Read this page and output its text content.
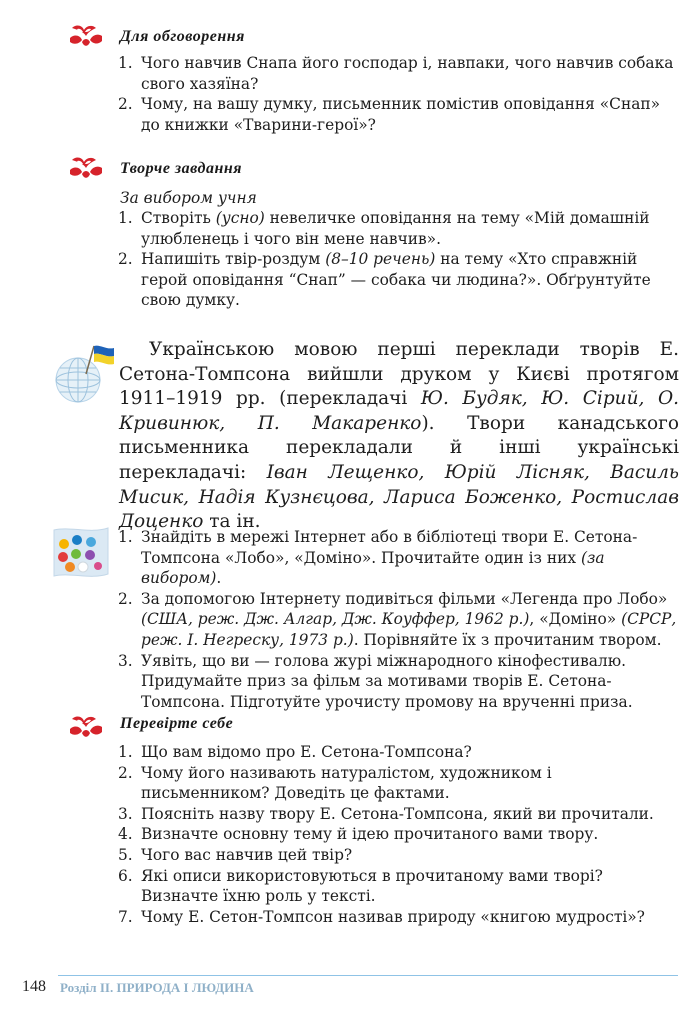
Для обговорення
1. Чого навчив Снапа його господар і, навпаки, чого навчив собака свого хазяїна?
2. Чому, на вашу думку, письменник помістив оповідання «Снап» до книжки «Тварини-герої»?
Творче завдання
За вибором учня
1. Створіть (усно) невеличке оповідання на тему «Мій домашній улюбленець і чого він мене навчив».
2. Напишіть твір-роздум (8–10 речень) на тему «Хто справжній герой оповідання “Снап” — собака чи людина?». Обґрунтуйте свою думку.
Українською мовою перші переклади творів Е. Сетона-Томпсона вийшли друком у Києві протягом 1911–1919 рр. (перекладачі Ю. Будяк, Ю. Сірий, О. Кривинюк, П. Макаренко). Твори канадського письменника перекладали й інші українські перекладачі: Іван Лещенко, Юрій Лісняк, Василь Мисик, Надія Кузнєцова, Лариса Боженко, Ростислав Доценко та ін.
1. Знайдіть в мережі Інтернет або в бібліотеці твори Е. Сетона-Томпсона «Лобо», «Доміно». Прочитайте один із них (за вибором).
2. За допомогою Інтернету подивіться фільми «Легенда про Лобо» (США, реж. Дж. Алгар, Дж. Коуффер, 1962 р.), «Доміно» (СРСР, реж. І. Негреску, 1973 р.). Порівняйте їх з прочитаним твором.
3. Уявіть, що ви — голова журі міжнародного кінофестивалю. Придумайте приз за фільм за мотивами творів Е. Сетона-Томпсона. Підготуйте урочисту промову на врученні приза.
Перевірте себе
1. Що вам відомо про Е. Сетона-Томпсона?
2. Чому його називають натуралістом, художником і письменником? Доведіть це фактами.
3. Поясніть назву твору Е. Сетона-Томпсона, який ви прочитали.
4. Визначте основну тему й ідею прочитаного вами твору.
5. Чого вас навчив цей твір?
6. Які описи використовуються в прочитаному вами творі? Визначте їхню роль у тексті.
7. Чому Е. Сетон-Томпсон називав природу «книгою мудрості»?
148 Розділ ІІ. ПРИРОДА І ЛЮДИНА
